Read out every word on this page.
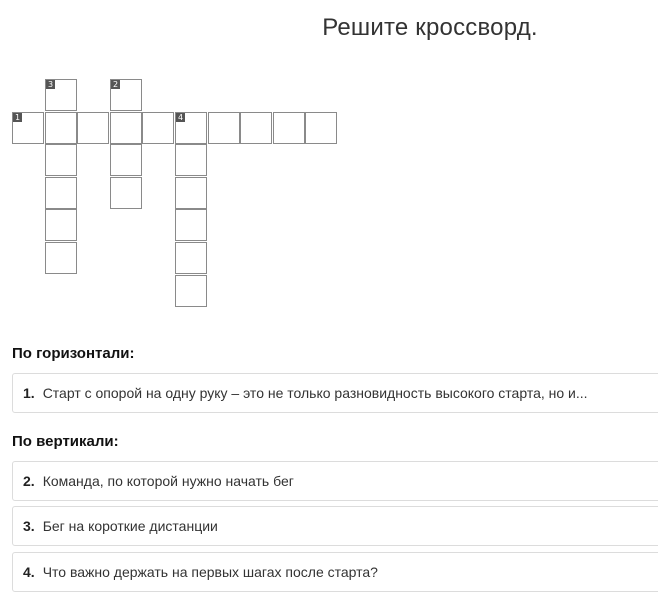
Решите кроссворд.
1	4
2
3
По горизонтали:
1. Старт с опорой на одну руку – это не только разновидность высокого старта, но и...
По вертикали:
2. Команда, по которой нужно начать бег
3. Бег на короткие дистанции
4. Что важно держать на первых шагах после старта?
